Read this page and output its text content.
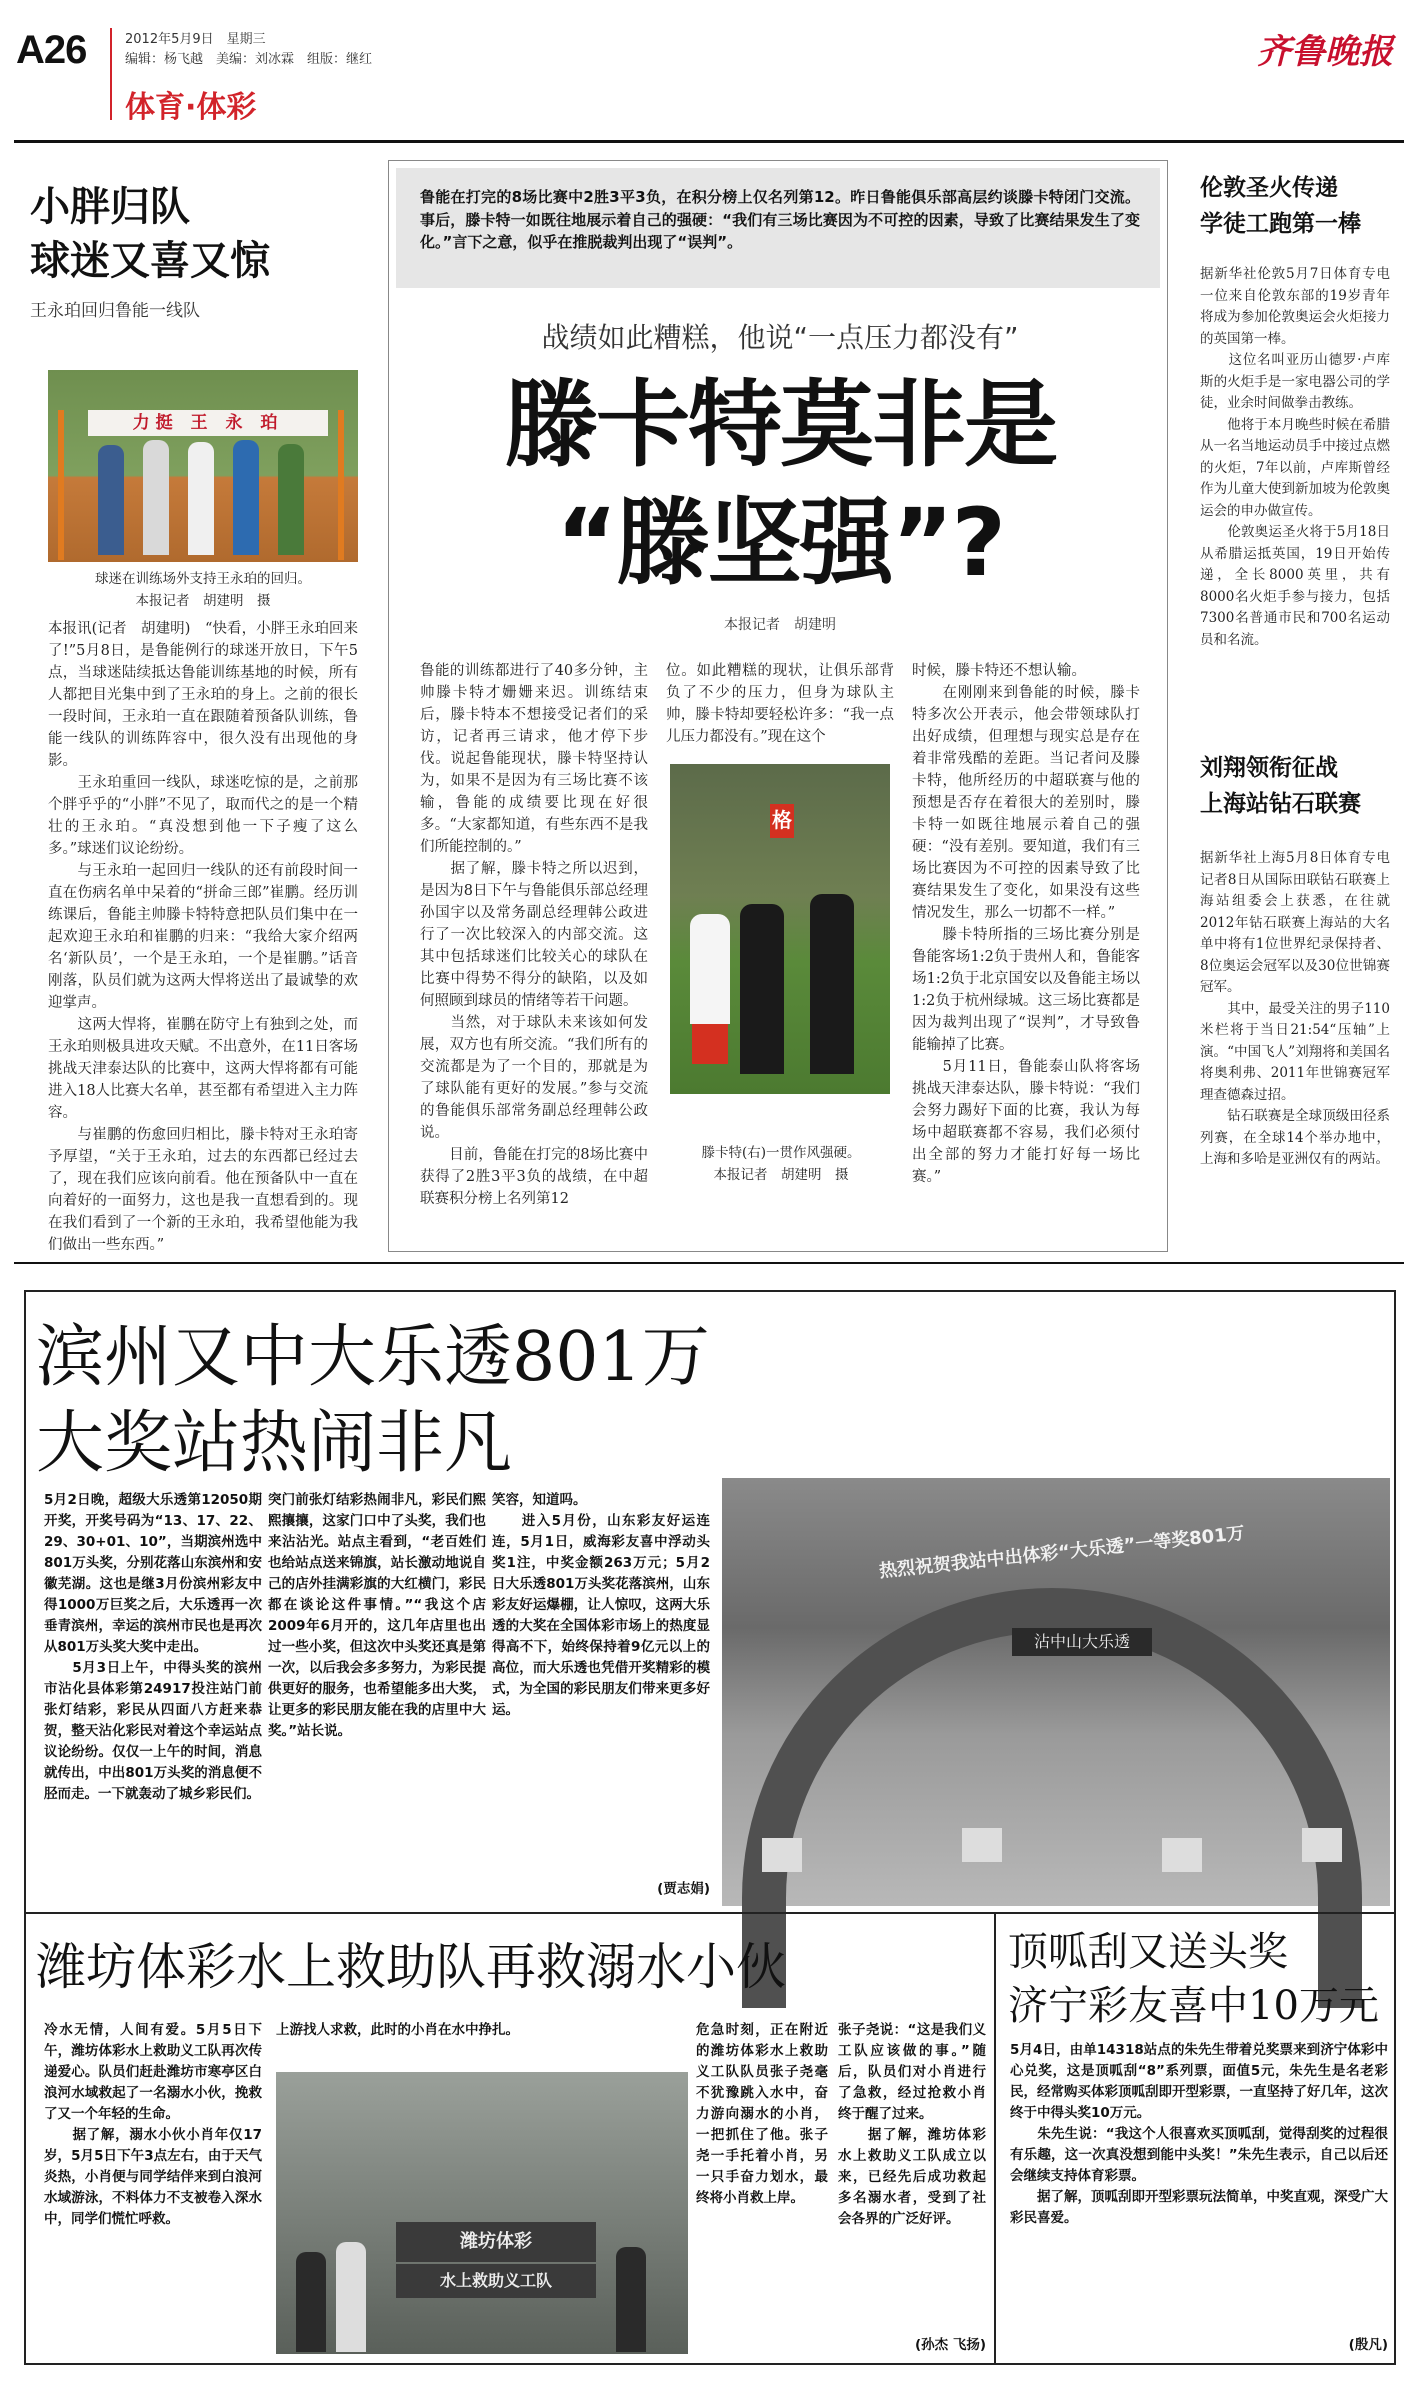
A26	2012年5月9日　星期三
编辑：杨飞越　美编：刘冰霖　组版：继红
体育·体彩
齐鲁晚报
小胖归队
球迷又喜又惊
王永珀回归鲁能一线队
力挺 王 永 珀
球迷在训练场外支持王永珀的回归。
本报记者　胡建明　摄
本报讯(记者　胡建明)　“快看，小胖王永珀回来了!”5月8日，是鲁能例行的球迷开放日，下午5点，当球迷陆续抵达鲁能训练基地的时候，所有人都把目光集中到了王永珀的身上。之前的很长一段时间，王永珀一直在跟随着预备队训练，鲁能一线队的训练阵容中，很久没有出现他的身影。
　　王永珀重回一线队，球迷吃惊的是，之前那个胖乎乎的“小胖”不见了，取而代之的是一个精壮的王永珀。“真没想到他一下子瘦了这么多。”球迷们议论纷纷。
　　与王永珀一起回归一线队的还有前段时间一直在伤病名单中呆着的“拼命三郎”崔鹏。经历训练课后，鲁能主帅滕卡特特意把队员们集中在一起欢迎王永珀和崔鹏的归来：“我给大家介绍两名‘新队员’，一个是王永珀，一个是崔鹏。”话音刚落，队员们就为这两大悍将送出了最诚挚的欢迎掌声。
　　这两大悍将，崔鹏在防守上有独到之处，而王永珀则极具进攻天赋。不出意外，在11日客场挑战天津泰达队的比赛中，这两大悍将都有可能进入18人比赛大名单，甚至都有希望进入主力阵容。
　　与崔鹏的伤愈回归相比，滕卡特对王永珀寄予厚望，“关于王永珀，过去的东西都已经过去了，现在我们应该向前看。他在预备队中一直在向着好的一面努力，这也是我一直想看到的。现在我们看到了一个新的王永珀，我希望他能为我们做出一些东西。”
鲁能在打完的8场比赛中2胜3平3负，在积分榜上仅名列第12。昨日鲁能俱乐部高层约谈滕卡特闭门交流。事后，滕卡特一如既往地展示着自己的强硬：“我们有三场比赛因为不可控的因素，导致了比赛结果发生了变化。”言下之意，似乎在推脱裁判出现了“误判”。
战绩如此糟糕，他说“一点压力都没有”
滕卡特莫非是
“滕坚强”?
本报记者　胡建明
鲁能的训练都进行了40多分钟，主帅滕卡特才姗姗来迟。训练结束后，滕卡特本不想接受记者们的采访，记者再三请求，他才停下步伐。说起鲁能现状，滕卡特坚持认为，如果不是因为有三场比赛不该输，鲁能的成绩要比现在好很多。“大家都知道，有些东西不是我们所能控制的。”
　　据了解，滕卡特之所以迟到，是因为8日下午与鲁能俱乐部总经理孙国宇以及常务副总经理韩公政进行了一次比较深入的内部交流。这其中包括球迷们比较关心的球队在比赛中得势不得分的缺陷，以及如何照顾到球员的情绪等若干问题。
　　当然，对于球队未来该如何发展，双方也有所交流。“我们所有的交流都是为了一个目的，那就是为了球队能有更好的发展。”参与交流的鲁能俱乐部常务副总经理韩公政说。
　　目前，鲁能在打完的8场比赛中获得了2胜3平3负的战绩，在中超联赛积分榜上名列第12
位。如此糟糕的现状，让俱乐部背负了不少的压力，但身为球队主帅，滕卡特却要轻松许多：“我一点儿压力都没有。”现在这个
格
滕卡特(右)一贯作风强硬。
本报记者　胡建明　摄
时候，滕卡特还不想认输。
　　在刚刚来到鲁能的时候，滕卡特多次公开表示，他会带领球队打出好成绩，但理想与现实总是存在着非常残酷的差距。当记者问及滕卡特，他所经历的中超联赛与他的预想是否存在着很大的差别时，滕卡特一如既往地展示着自己的强硬：“没有差别。要知道，我们有三场比赛因为不可控的因素导致了比赛结果发生了变化，如果没有这些情况发生，那么一切都不一样。”
　　滕卡特所指的三场比赛分别是鲁能客场1:2负于贵州人和，鲁能客场1:2负于北京国安以及鲁能主场以1:2负于杭州绿城。这三场比赛都是因为裁判出现了“误判”，才导致鲁能输掉了比赛。
　　5月11日，鲁能泰山队将客场挑战天津泰达队，滕卡特说：“我们会努力踢好下面的比赛，我认为每场中超联赛都不容易，我们必须付出全部的努力才能打好每一场比赛。”
伦敦圣火传递
学徒工跑第一棒
据新华社伦敦5月7日体育专电　一位来自伦敦东部的19岁青年将成为参加伦敦奥运会火炬接力的英国第一棒。
　　这位名叫亚历山德罗·卢库斯的火炬手是一家电器公司的学徒，业余时间做拳击教练。
　　他将于本月晚些时候在希腊从一名当地运动员手中接过点燃的火炬，7年以前，卢库斯曾经作为儿童大使到新加坡为伦敦奥运会的申办做宣传。
　　伦敦奥运圣火将于5月18日从希腊运抵英国，19日开始传递，全长8000英里，共有8000名火炬手参与接力，包括7300名普通市民和700名运动员和名流。
刘翔领衔征战
上海站钻石联赛
据新华社上海5月8日体育专电　记者8日从国际田联钻石联赛上海站组委会上获悉，在往就2012年钻石联赛上海站的大名单中将有1位世界纪录保持者、8位奥运会冠军以及30位世锦赛冠军。
　　其中，最受关注的男子110米栏将于当日21:54“压轴”上演。“中国飞人”刘翔将和美国名将奥利弗、2011年世锦赛冠军理查德森过招。
　　钻石联赛是全球顶级田径系列赛，在全球14个举办地中，上海和多哈是亚洲仅有的两站。
滨州又中大乐透801万
大奖站热闹非凡
热烈祝贺我站中出体彩“大乐透”一等奖801万
沾中山大乐透
5月2日晚，超级大乐透第12050期开奖，开奖号码为“13、17、22、29、30+01、10”，当期滨州选中801万头奖，分别花落山东滨州和安徽芜湖。这也是继3月份滨州彩友中得1000万巨奖之后，大乐透再一次垂青滨州，幸运的滨州市民也是再次从801万头奖大奖中走出。
　　5月3日上午，中得头奖的滨州市沾化县体彩第24917投注站门前张灯结彩，彩民从四面八方赶来恭贺，整天沾化彩民对着这个幸运站点议论纷纷。仅仅一上午的时间，消息就传出，中出801万头奖的消息便不胫而走。一下就轰动了城乡彩民们。
突门前张灯结彩热闹非凡，彩民们熙熙攘攘，这家门口中了头奖，我们也来沾沾光。站点主看到，“老百姓们也给站点送来锦旗，站长激动地说自己的店外挂满彩旗的大红横门，彩民都在谈论这件事情。”“我这个店2009年6月开的，这几年店里也出过一些小奖，但这次中头奖还真是第一次，以后我会多多努力，为彩民提供更好的服务，也希望能多出大奖，让更多的彩民朋友能在我的店里中大奖。”站长说。
笑容，知道吗。
　　进入5月份，山东彩友好运连连，5月1日，威海彩友喜中浮动头奖1注，中奖金额263万元；5月2日大乐透801万头奖花落滨州，山东彩友好运爆棚，让人惊叹，这两大乐透的大奖在全国体彩市场上的热度显得高不下，始终保持着9亿元以上的高位，而大乐透也凭借开奖精彩的模式，为全国的彩民朋友们带来更多好运。
(贾志娟)
潍坊体彩水上救助队再救溺水小伙
冷水无情，人间有爱。5月5日下午，潍坊体彩水上救助义工队再次传递爱心。队员们赶赴潍坊市寒亭区白浪河水域救起了一名溺水小伙，挽救了又一个年轻的生命。
　　据了解，溺水小伙小肖年仅17岁，5月5日下午3点左右，由于天气炎热，小肖便与同学结伴来到白浪河水域游泳，不料体力不支被卷入深水中，同学们慌忙呼救。
上游找人求救，此时的小肖在水中挣扎。
潍坊体彩
水上救助义工队
危急时刻，正在附近的潍坊体彩水上救助义工队队员张子尧毫不犹豫跳入水中，奋力游向溺水的小肖，一把抓住了他。张子尧一手托着小肖，另一只手奋力划水，最终将小肖救上岸。
张子尧说：“这是我们义工队应该做的事。”随后，队员们对小肖进行了急救，经过抢救小肖终于醒了过来。
　　据了解，潍坊体彩水上救助义工队成立以来，已经先后成功救起多名溺水者，受到了社会各界的广泛好评。
(孙杰 飞扬)
顶呱刮又送头奖
济宁彩友喜中10万元
5月4日，由单14318站点的朱先生带着兑奖票来到济宁体彩中心兑奖，这是顶呱刮“8”系列票，面值5元，朱先生是名老彩民，经常购买体彩顶呱刮即开型彩票，一直坚持了好几年，这次终于中得头奖10万元。
　　朱先生说：“我这个人很喜欢买顶呱刮，觉得刮奖的过程很有乐趣，这一次真没想到能中头奖！”朱先生表示，自己以后还会继续支持体育彩票。
　　据了解，顶呱刮即开型彩票玩法简单，中奖直观，深受广大彩民喜爱。
(殷凡)
